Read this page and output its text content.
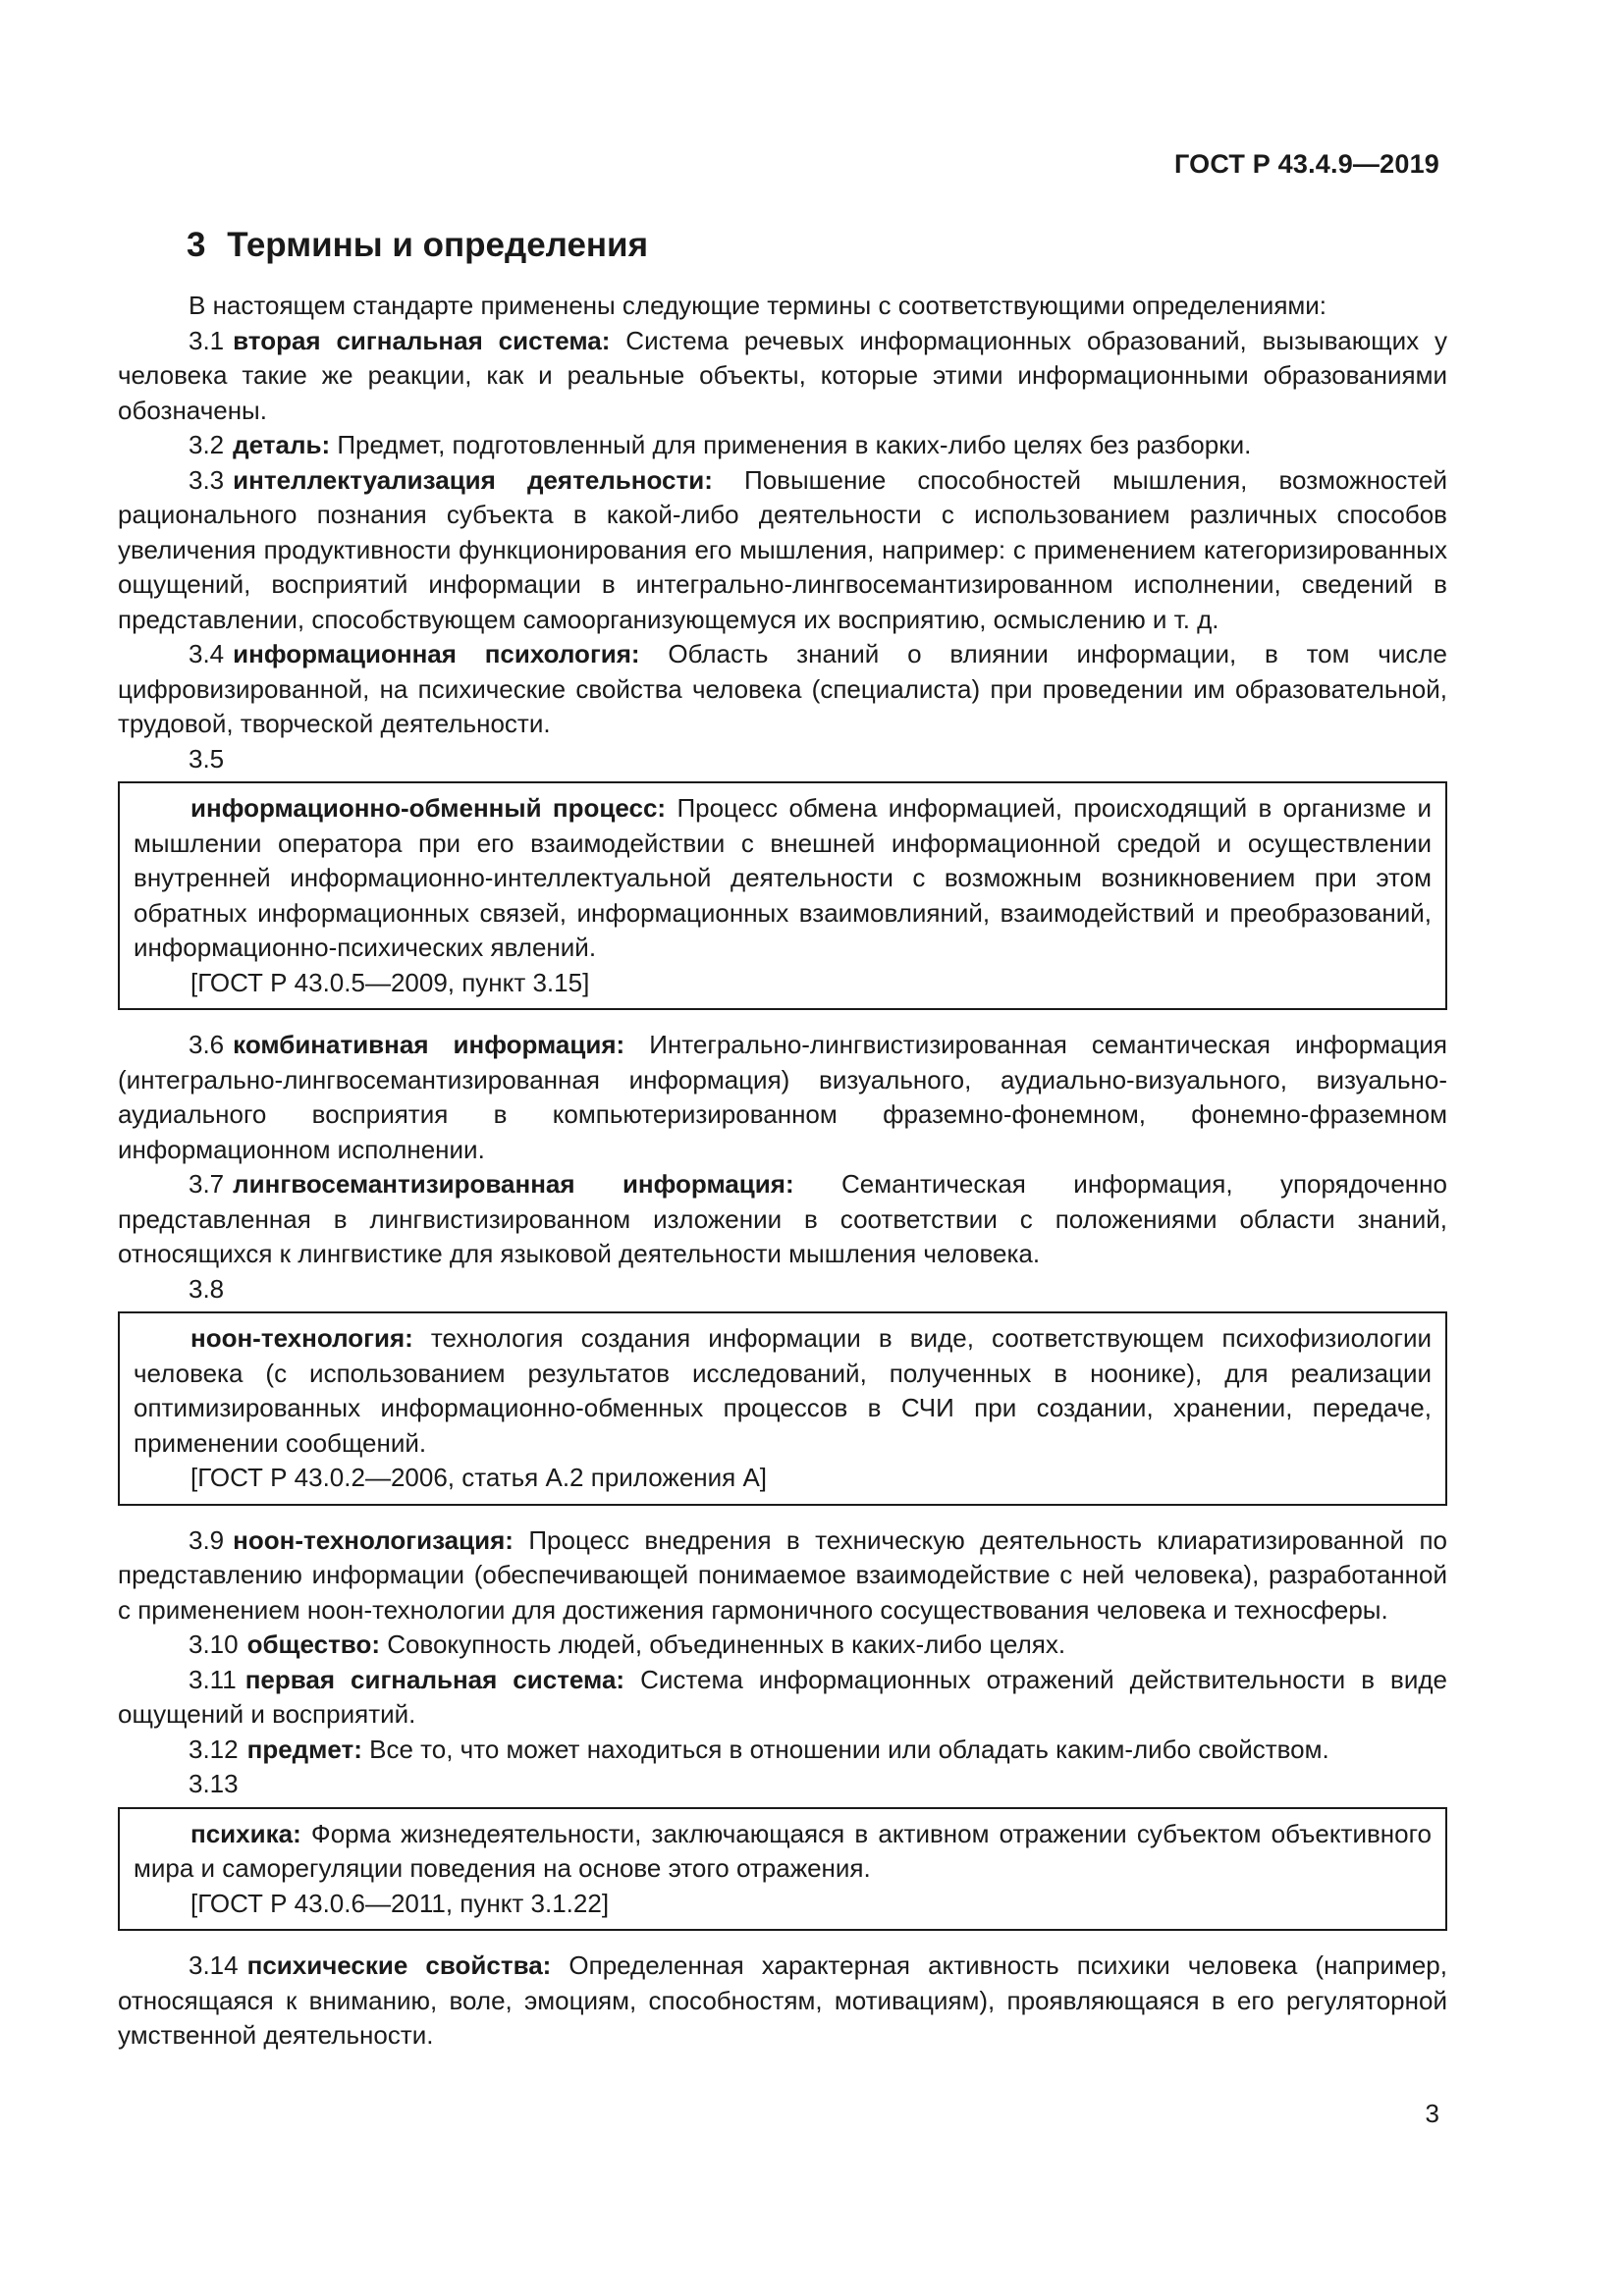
ГОСТ Р 43.4.9—2019
3 Термины и определения

В настоящем стандарте применены следующие термины с соответствующими определениями:

3.1 вторая сигнальная система: Система речевых информационных образований, вызывающих у человека такие же реакции, как и реальные объекты, которые этими информационными образованиями обозначены.

3.2 деталь: Предмет, подготовленный для применения в каких-либо целях без разборки.

3.3 интеллектуализация деятельности: Повышение способностей мышления, возможностей рационального познания субъекта в какой-либо деятельности с использованием различных способов увеличения продуктивности функционирования его мышления, например: с применением категоризированных ощущений, восприятий информации в интегрально-лингвосемантизированном исполнении, сведений в представлении, способствующем самоорганизующемуся их восприятию, осмыслению и т. д.

3.4 информационная психология: Область знаний о влиянии информации, в том числе цифровизированной, на психические свойства человека (специалиста) при проведении им образовательной, трудовой, творческой деятельности.

3.5

информационно-обменный процесс: Процесс обмена информацией, происходящий в организме и мышлении оператора при его взаимодействии с внешней информационной средой и осуществлении внутренней информационно-интеллектуальной деятельности с возможным возникновением при этом обратных информационных связей, информационных взаимовлияний, взаимодействий и преобразований, информационно-психических явлений.

[ГОСТ Р 43.0.5—2009, пункт 3.15]

3.6 комбинативная информация: Интегрально-лингвистизированная семантическая информация (интегрально-лингвосемантизированная информация) визуального, аудиально-визуального, визуально-аудиального восприятия в компьютеризированном фраземно-фонемном, фонемно-фраземном информационном исполнении.

3.7 лингвосемантизированная информация: Семантическая информация, упорядоченно представленная в лингвистизированном изложении в соответствии с положениями области знаний, относящихся к лингвистике для языковой деятельности мышления человека.

3.8

ноон-технология: технология создания информации в виде, соответствующем психофизиологии человека (с использованием результатов исследований, полученных в ноонике), для реализации оптимизированных информационно-обменных процессов в СЧИ при создании, хранении, передаче, применении сообщений.

[ГОСТ Р 43.0.2—2006, статья А.2 приложения А]

3.9 ноон-технологизация: Процесс внедрения в техническую деятельность клиаратизированной по представлению информации (обеспечивающей понимаемое взаимодействие с ней человека), разработанной с применением ноон-технологии для достижения гармоничного сосуществования человека и техносферы.

3.10 общество: Совокупность людей, объединенных в каких-либо целях.

3.11 первая сигнальная система: Система информационных отражений действительности в виде ощущений и восприятий.

3.12 предмет: Все то, что может находиться в отношении или обладать каким-либо свойством.

3.13

психика: Форма жизнедеятельности, заключающаяся в активном отражении субъектом объективного мира и саморегуляции поведения на основе этого отражения.

[ГОСТ Р 43.0.6—2011, пункт 3.1.22]

3.14 психические свойства: Определенная характерная активность психики человека (например, относящаяся к вниманию, воле, эмоциям, способностям, мотивациям), проявляющаяся в его регуляторной умственной деятельности.

3
